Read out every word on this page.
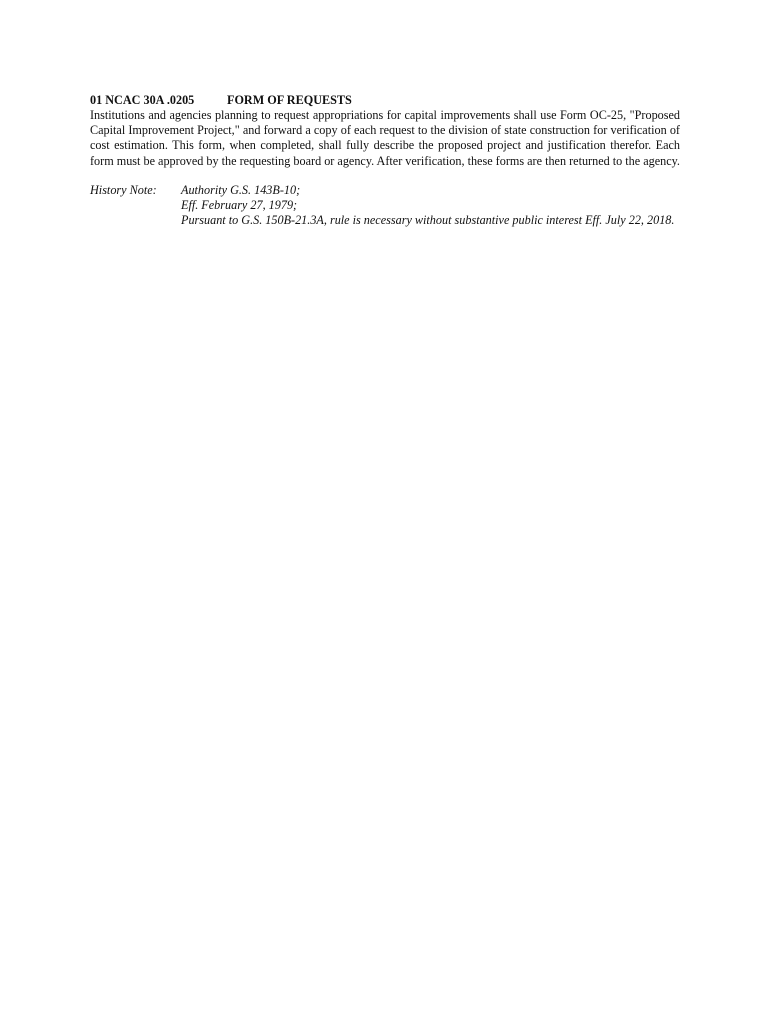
01 NCAC 30A .0205	FORM OF REQUESTS

Institutions and agencies planning to request appropriations for capital improvements shall use Form OC-25, "Proposed Capital Improvement Project," and forward a copy of each request to the division of state construction for verification of cost estimation. This form, when completed, shall fully describe the proposed project and justification therefor. Each form must be approved by the requesting board or agency. After verification, these forms are then returned to the agency.

History Note:	Authority G.S. 143B-10;
Eff. February 27, 1979;
Pursuant to G.S. 150B-21.3A, rule is necessary without substantive public interest Eff. July 22, 2018.
